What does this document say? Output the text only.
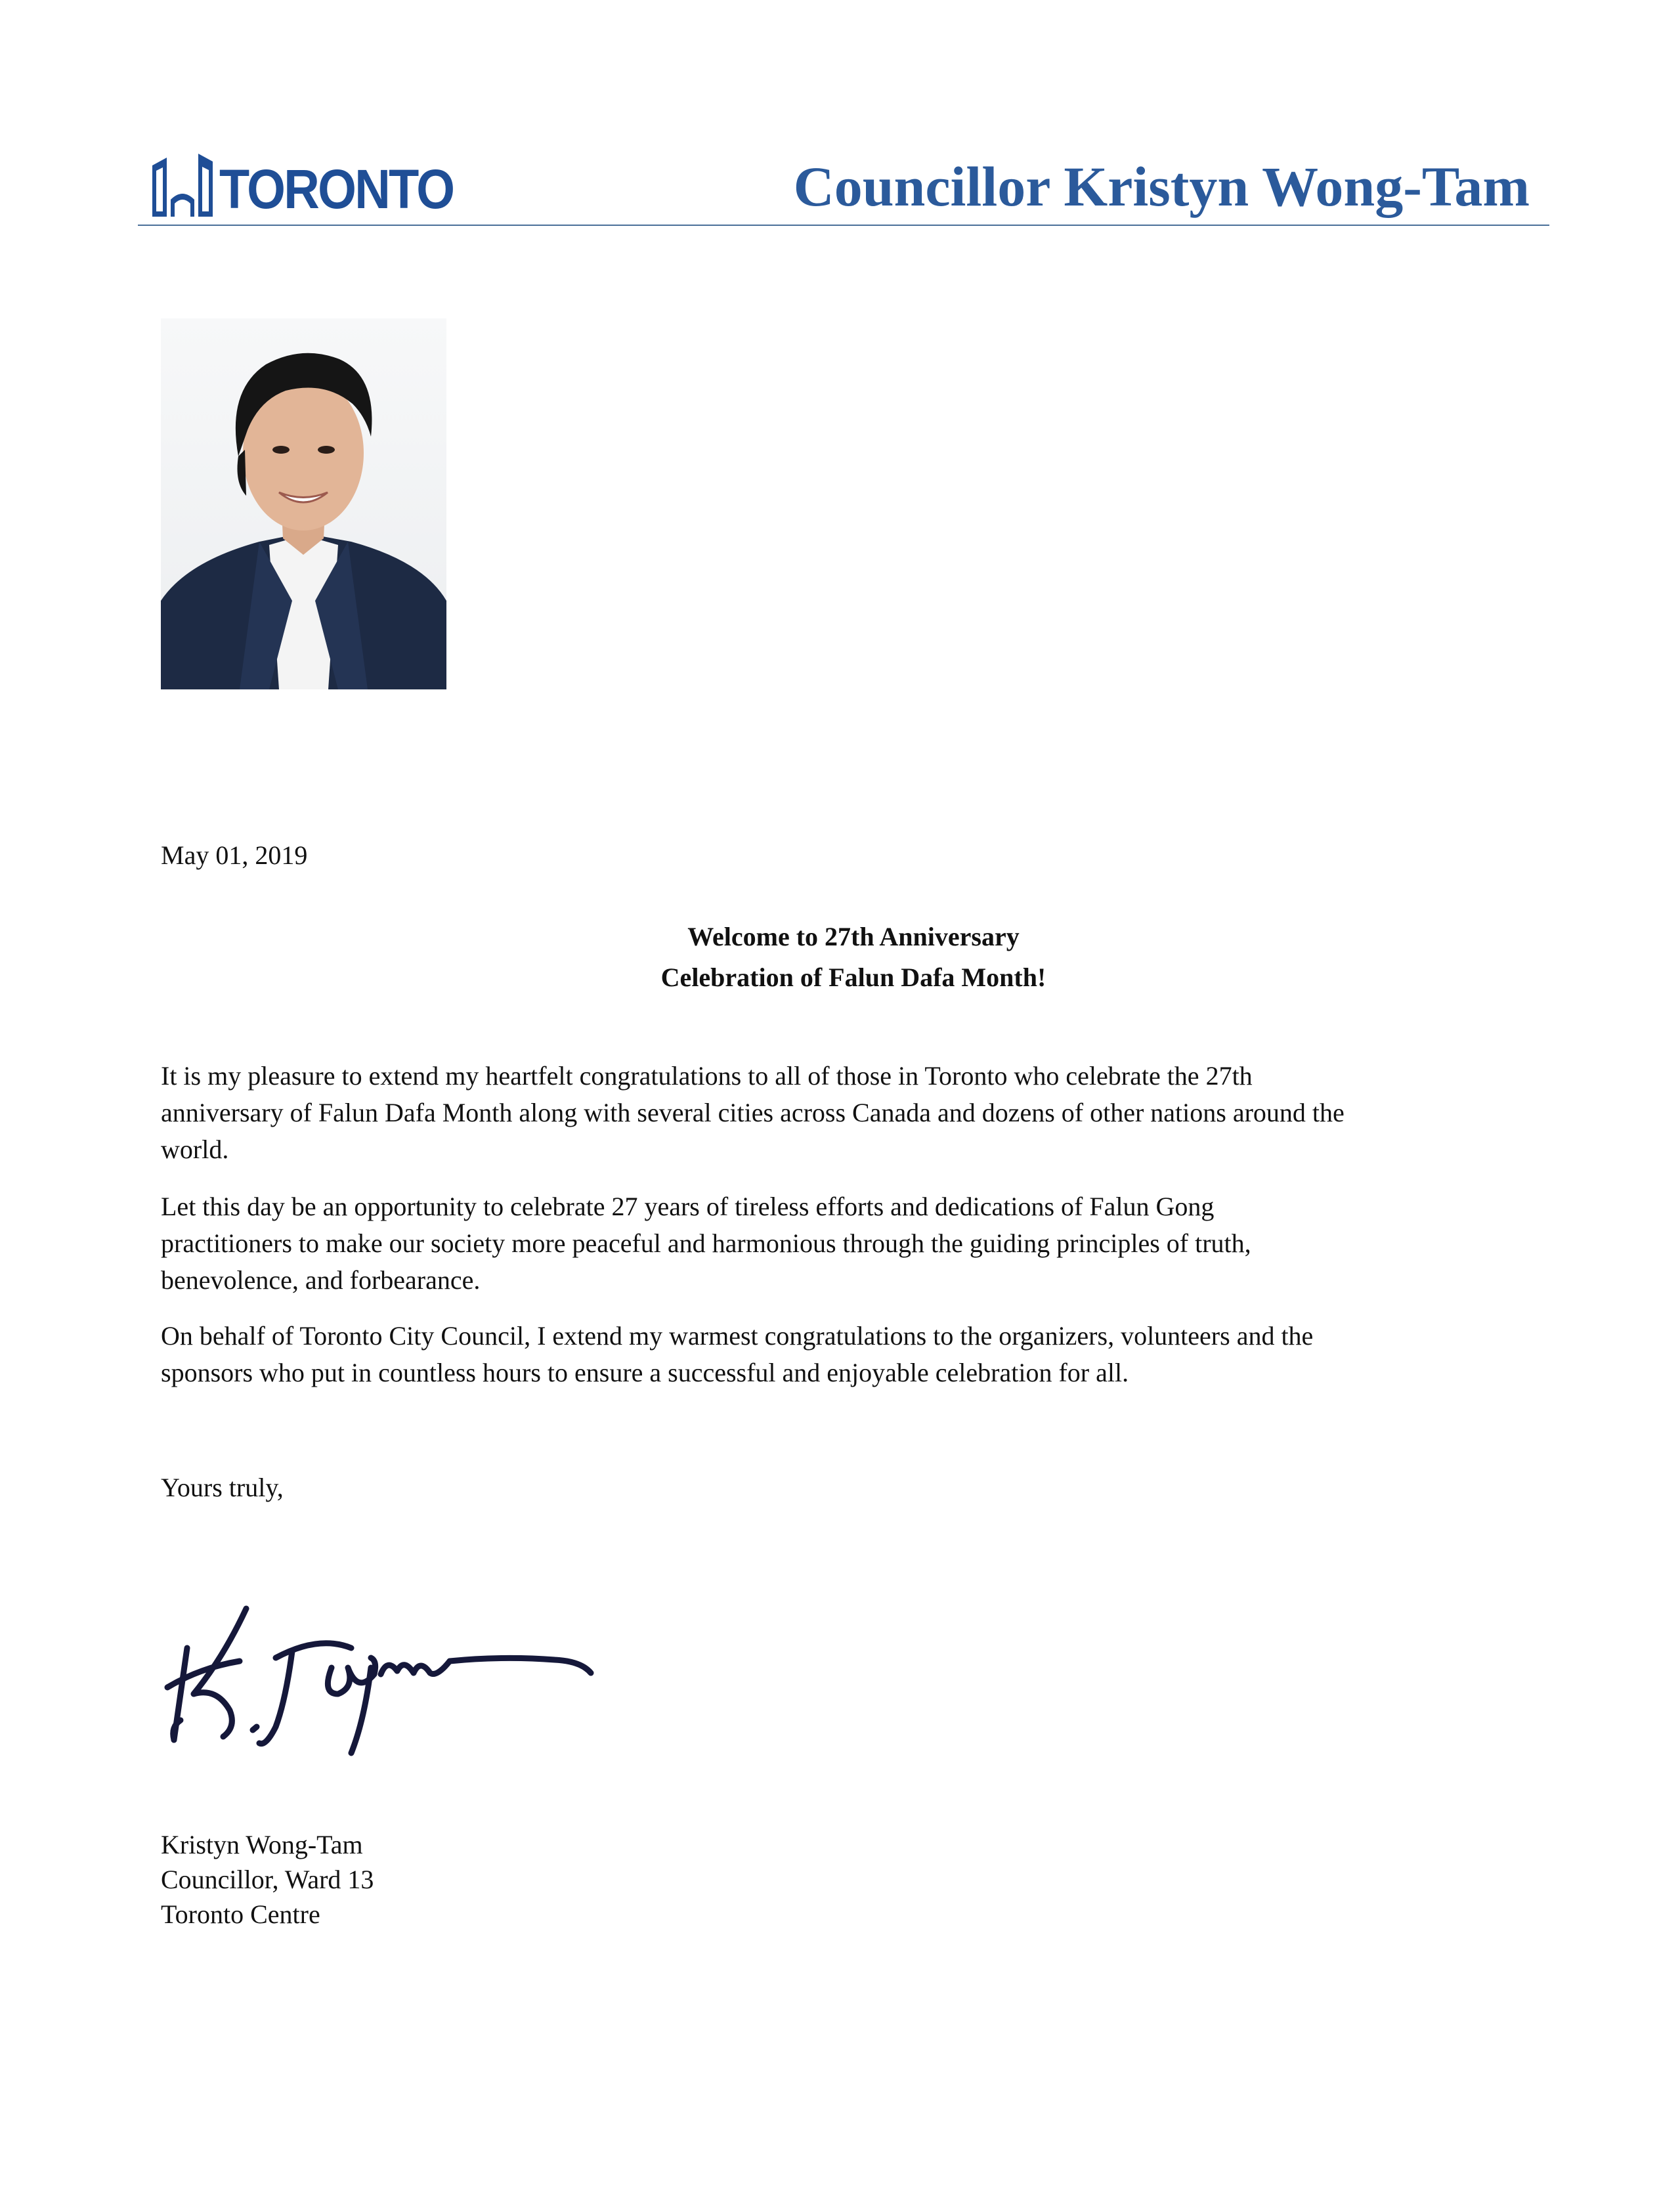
TORONTO	Councillor Kristyn Wong-Tam
May 01, 2019
Welcome to 27th Anniversary
Celebration of Falun Dafa Month!
It is my pleasure to extend my heartfelt congratulations to all of those in Toronto who celebrate the 27th
anniversary of Falun Dafa Month along with several cities across Canada and dozens of other nations around the
world.
Let this day be an opportunity to celebrate 27 years of tireless efforts and dedications of Falun Gong
practitioners to make our society more peaceful and harmonious through the guiding principles of truth,
benevolence, and forbearance.
On behalf of Toronto City Council, I extend my warmest congratulations to the organizers, volunteers and the
sponsors who put in countless hours to ensure a successful and enjoyable celebration for all.
Yours truly,
Kristyn Wong-Tam
Councillor, Ward 13
Toronto Centre
